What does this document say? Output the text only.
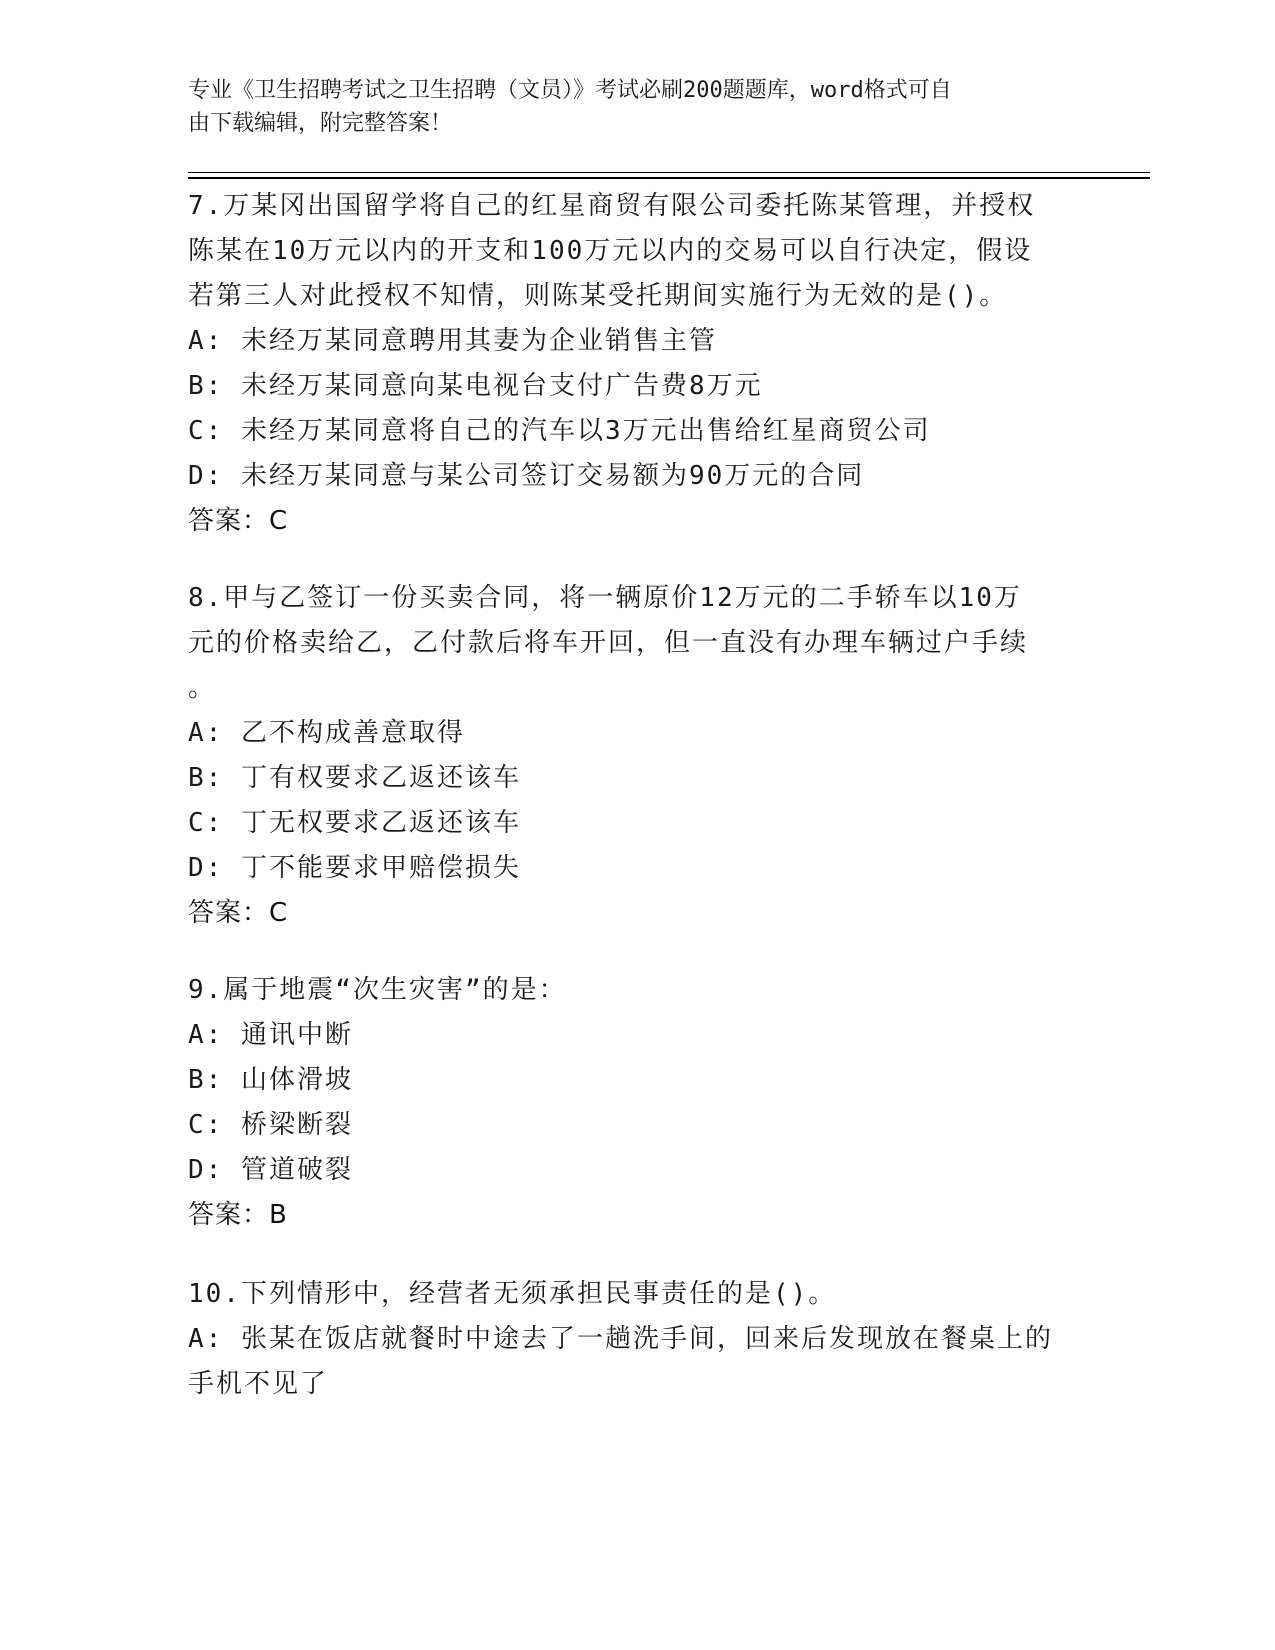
专业《卫生招聘考试之卫生招聘（文员）》考试必刷200题题库，word格式可自
由下载编辑，附完整答案！
7.万某冈出国留学将自己的红星商贸有限公司委托陈某管理，并授权
陈某在10万元以内的开支和100万元以内的交易可以自行决定，假设
若第三人对此授权不知情，则陈某受托期间实施行为无效的是()。
A: 未经万某同意聘用其妻为企业销售主管
B: 未经万某同意向某电视台支付广告费8万元
C: 未经万某同意将自己的汽车以3万元出售给红星商贸公司
D: 未经万某同意与某公司签订交易额为90万元的合同
答案：C
8.甲与乙签订一份买卖合同，将一辆原价12万元的二手轿车以10万
元的价格卖给乙，乙付款后将车开回，但一直没有办理车辆过户手续
。
A: 乙不构成善意取得
B: 丁有权要求乙返还该车
C: 丁无权要求乙返还该车
D: 丁不能要求甲赔偿损失
答案：C
9.属于地震“次生灾害”的是：
A: 通讯中断
B: 山体滑坡
C: 桥梁断裂
D: 管道破裂
答案：B
10.下列情形中，经营者无须承担民事责任的是()。
A: 张某在饭店就餐时中途去了一趟洗手间，回来后发现放在餐桌上的
手机不见了
